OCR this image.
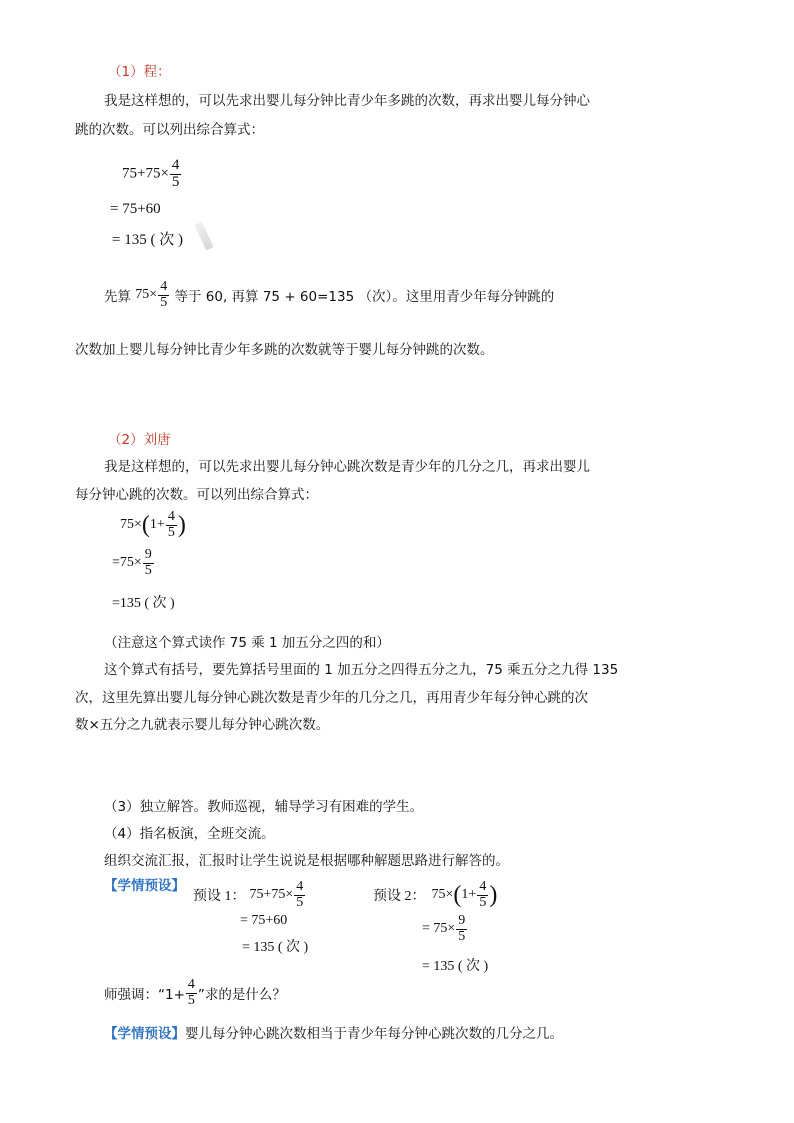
（1）程：
我是这样想的，可以先求出婴儿每分钟比青少年多跳的次数，再求出婴儿每分钟心
跳的次数。可以列出综合算式：
$75+75\times \frac{4}{5}$
= 75+60
= 135 ( 次 )
先算 $75\times \frac{4}{5}$ 等于 60, 再算 75 + 60=135 （次）。这里用青少年每分钟跳的
次数加上婴儿每分钟比青少年多跳的次数就等于婴儿每分钟跳的次数。
（2）刘唐
我是这样想的，可以先求出婴儿每分钟心跳次数是青少年的几分之几，再求出婴儿
每分钟心跳的次数。可以列出综合算式：
$75\times(1+ \frac{4}{5}$ )
$=75\times \frac{9}{5}$
=135 ( 次 )
（注意这个算式读作 75 乘 1 加五分之四的和）
这个算式有括号，要先算括号里面的 1 加五分之四得五分之九，75 乘五分之九得 135
次，这里先算出婴儿每分钟心跳次数是青少年的几分之几，再用青少年每分钟心跳的次
数×五分之九就表示婴儿每分钟心跳次数。
（3）独立解答。教师巡视，辅导学习有困难的学生。
（4）指名板演，全班交流。
组织交流汇报，汇报时让学生说说是根据哪种解题思路进行解答的。
【学情预设】
预设 1： $75+75\times \frac{4}{5}$
= 75+60
= 135 ( 次 )
预设 2： $75\times(1+ \frac{4}{5}$ )
= $75\times \frac{9}{5}$
= 135 ( 次 )
师强调：“$1+ \frac{4}{5}$ ”求的是什么？
【学情预设】婴儿每分钟心跳次数相当于青少年每分钟心跳次数的几分之几。
